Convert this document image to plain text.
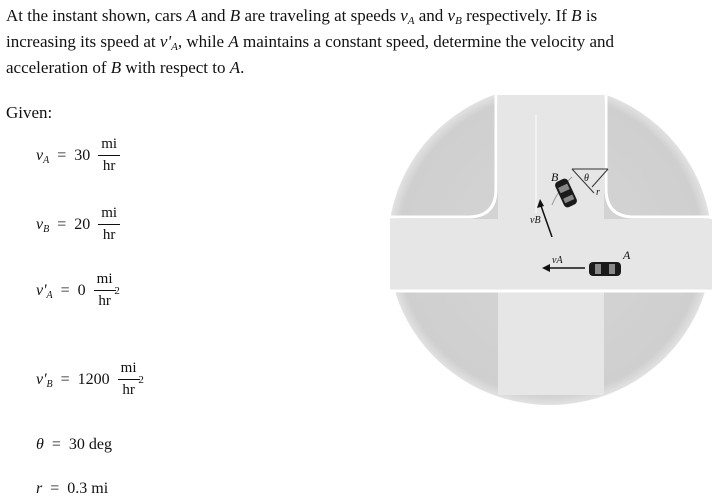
At the instant shown, cars A and B are traveling at speeds vA and vB respectively. If B is
increasing its speed at v'A, while A maintains a constant speed, determine the velocity and
acceleration of B with respect to A.
Given:
vA = $30 \frac{mi}{hr}$
vB = $20 \frac{mi}{hr}$
v'A = 0 mi
hr
2
v'B = 1200 mi
hr
2
θ = 30 deg
r = 0.3 mi
B	θ
r
vB
vA	A
